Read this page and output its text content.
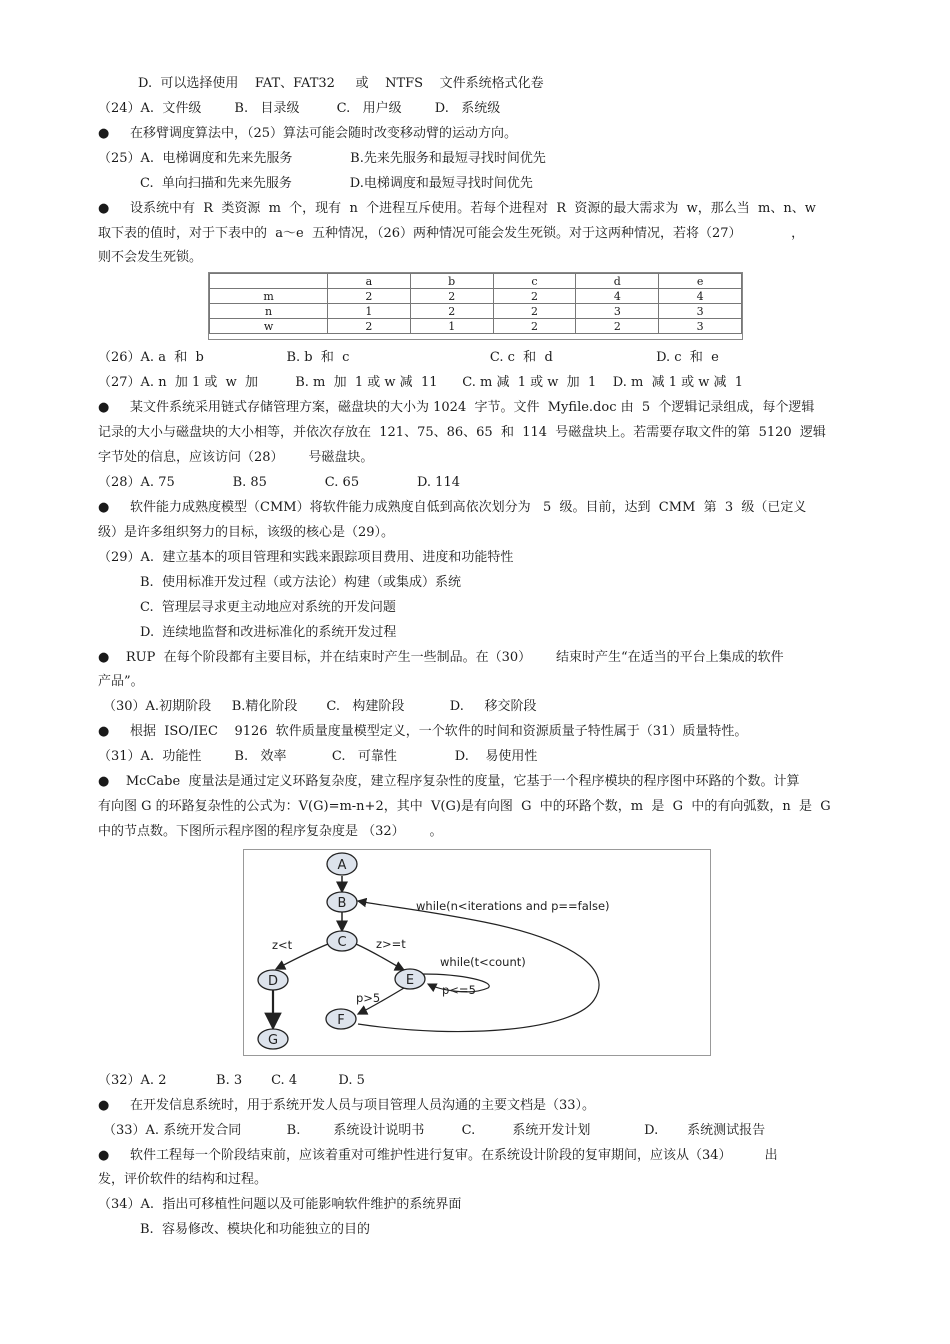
D.  可以选择使用    FAT、FAT32     或    NTFS    文件系统格式化卷
（24）A.  文件级        B.   目录级         C.   用户级        D.   系统级
●     在移臂调度算法中，（25）算法可能会随时改变移动臂的运动方向。
（25）A.  电梯调度和先来先服务              B.先来先服务和最短寻找时间优先
C.  单向扫描和先来先服务              D.电梯调度和最短寻找时间优先
●     设系统中有  R  类资源  m  个，现有  n  个进程互斥使用。若每个进程对  R  资源的最大需求为  w，那么当  m、n、w
取下表的值时，对于下表中的  a～e  五种情况，（26）两种情况可能会发生死锁。对于这两种情况，若将（27）            ，
则不会发生死锁。
	a	b	c	d	e
m	2	2	2	4	4
n	1	2	2	3	3
w	2	1	2	2	3
（26）A. a  和  b                    B. b  和  c                                  C. c  和  d                         D. c  和  e
（27）A. n  加 1 或  w  加         B. m  加  1 或 w 减  11      C. m 减  1 或 w  加  1    D. m  减 1 或 w 减  1
●     某文件系统采用链式存储管理方案，磁盘块的大小为 1024  字节。文件  Myfile.doc 由  5  个逻辑记录组成，每个逻辑
记录的大小与磁盘块的大小相等，并依次存放在  121、75、86、65  和  114  号磁盘块上。若需要存取文件的第  5120  逻辑
字节处的信息，应该访问（28）      号磁盘块。
（28）A. 75              B. 85              C. 65              D. 114
●     软件能力成熟度模型（CMM）将软件能力成熟度自低到高依次划分为   5  级。目前，达到  CMM  第  3  级（已定义
级）是许多组织努力的目标，该级的核心是（29）。
（29）A.  建立基本的项目管理和实践来跟踪项目费用、进度和功能特性
B.  使用标准开发过程（或方法论）构建（或集成）系统
C.  管理层寻求更主动地应对系统的开发问题
D.  连续地监督和改进标准化的系统开发过程
●    RUP  在每个阶段都有主要目标，并在结束时产生一些制品。在（30）      结束时产生“在适当的平台上集成的软件
产品”。
（30）A.初期阶段     B.精化阶段       C.   构建阶段           D.     移交阶段
●     根据  ISO/IEC    9126  软件质量度量模型定义，一个软件的时间和资源质量子特性属于（31）质量特性。
（31）A.  功能性        B.   效率           C.   可靠性              D.    易使用性
●    McCabe  度量法是通过定义环路复杂度，建立程序复杂性的度量，它基于一个程序模块的程序图中环路的个数。计算
有向图 G 的环路复杂性的公式为：V(G)=m-n+2，其中  V(G)是有向图  G  中的环路个数，m  是  G  中的有向弧数，n  是  G
中的节点数。下图所示程序图的程序复杂度是 （32）      。
A
B
C
D	E
F
G
while(n<iterations and p==false)
z<t	z>=t
while(t<count)
p<=5
p>5
（32）A. 2            B. 3       C. 4          D. 5
●     在开发信息系统时，用于系统开发人员与项目管理人员沟通的主要文档是（33）。
（33）A. 系统开发合同           B.        系统设计说明书         C.         系统开发计划             D.       系统测试报告
●     软件工程每一个阶段结束前，应该着重对可维护性进行复审。在系统设计阶段的复审期间，应该从（34）        出
发，评价软件的结构和过程。
（34）A.  指出可移植性问题以及可能影响软件维护的系统界面
B.  容易修改、模块化和功能独立的目的
